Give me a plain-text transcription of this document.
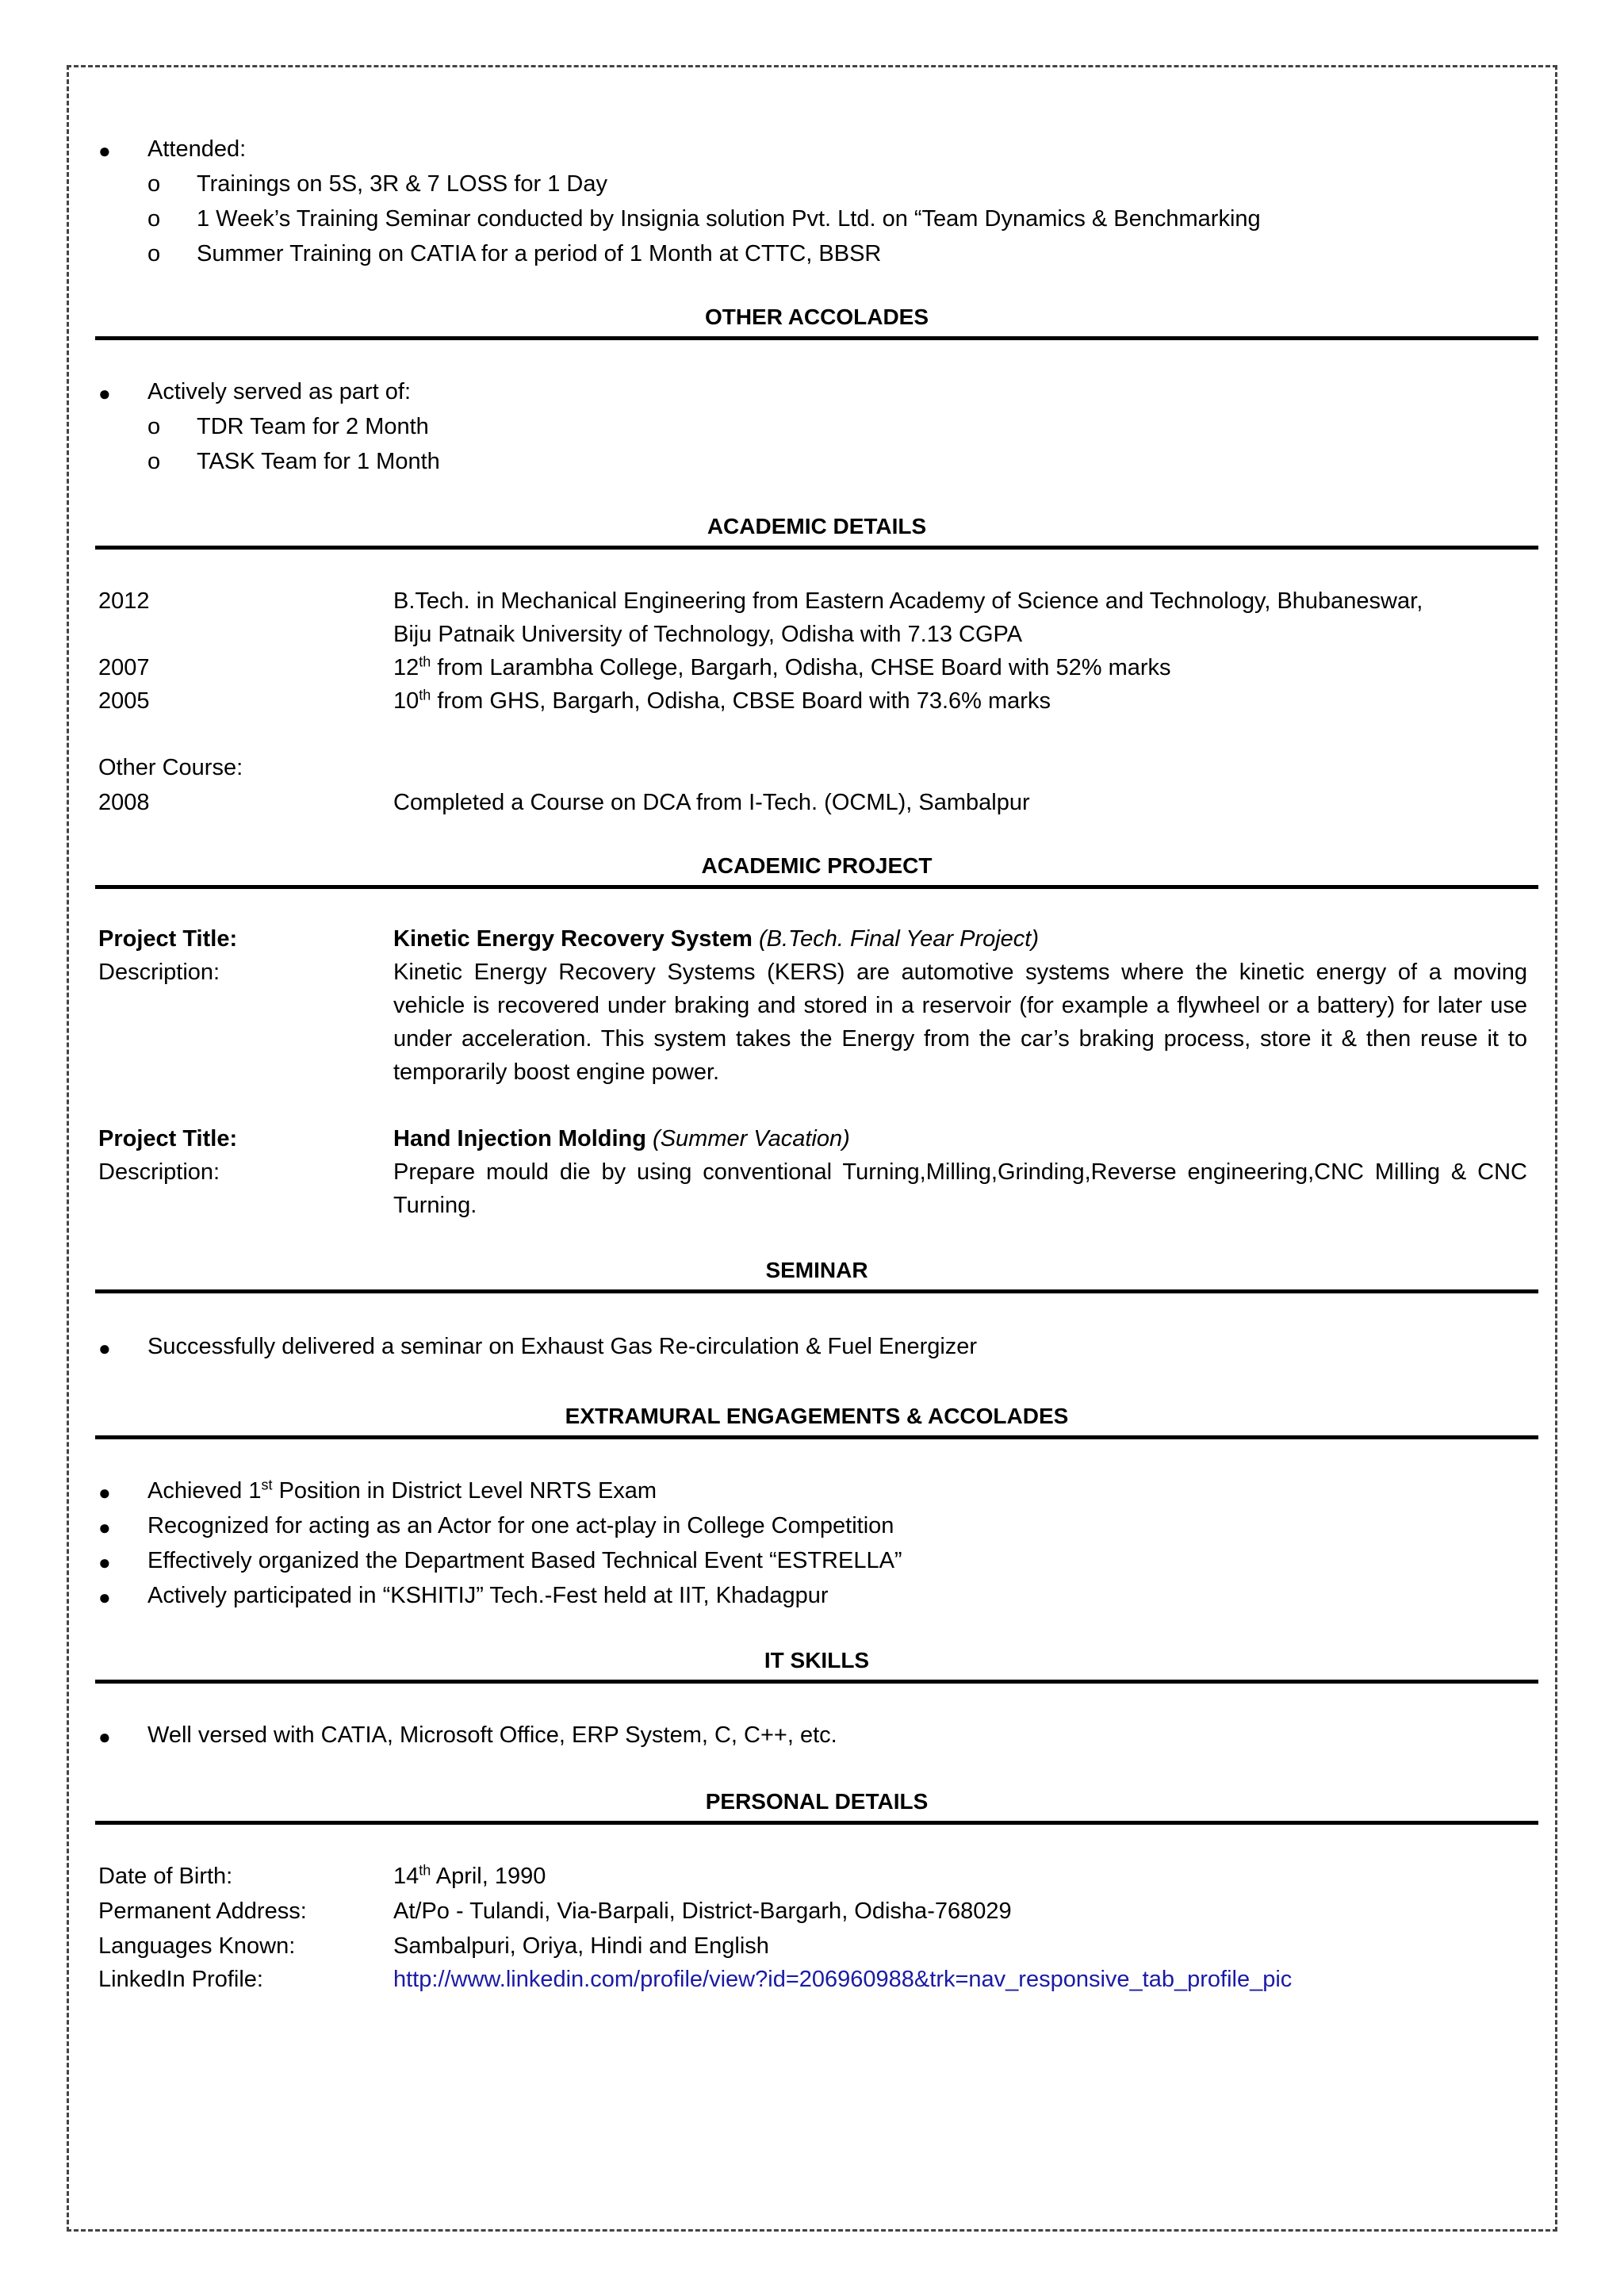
● Attended:
o Trainings on 5S, 3R & 7 LOSS for 1 Day
o 1 Week’s Training Seminar conducted by Insignia solution Pvt. Ltd. on “Team Dynamics & Benchmarking
o Summer Training on CATIA for a period of 1 Month at CTTC, BBSR
OTHER ACCOLADES
● Actively served as part of:
o TDR Team for 2 Month
o TASK Team for 1 Month
ACADEMIC DETAILS
2012	B.Tech. in Mechanical Engineering from Eastern Academy of Science and Technology, Bhubaneswar,
Biju Patnaik University of Technology, Odisha with 7.13 CGPA
2007	12th from Larambha College, Bargarh, Odisha, CHSE Board with 52% marks
2005	10th from GHS, Bargarh, Odisha, CBSE Board with 73.6% marks
Other Course:
2008	Completed a Course on DCA from I-Tech. (OCML), Sambalpur
ACADEMIC PROJECT
Project Title:	Kinetic Energy Recovery System (B.Tech. Final Year Project)
Description:	Kinetic Energy Recovery Systems (KERS) are automotive systems where the kinetic energy of a moving vehicle is recovered under braking and stored in a reservoir (for example a flywheel or a battery) for later use under acceleration. This system takes the Energy from the car’s braking process, store it & then reuse it to temporarily boost engine power.
Project Title:	Hand Injection Molding (Summer Vacation)
Description:	Prepare mould die by using conventional Turning,Milling,Grinding,Reverse engineering,CNC Milling & CNC Turning.
SEMINAR
● Successfully delivered a seminar on Exhaust Gas Re-circulation & Fuel Energizer
EXTRAMURAL ENGAGEMENTS & ACCOLADES
● Achieved 1st Position in District Level NRTS Exam
● Recognized for acting as an Actor for one act-play in College Competition
● Effectively organized the Department Based Technical Event “ESTRELLA”
● Actively participated in “KSHITIJ” Tech.-Fest held at IIT, Khadagpur
IT SKILLS
● Well versed with CATIA, Microsoft Office, ERP System, C, C++, etc.
PERSONAL DETAILS
Date of Birth:	14th April, 1990
Permanent Address:	At/Po - Tulandi, Via-Barpali, District-Bargarh, Odisha-768029
Languages Known:	Sambalpuri, Oriya, Hindi and English
LinkedIn Profile:	http://www.linkedin.com/profile/view?id=206960988&trk=nav_responsive_tab_profile_pic
